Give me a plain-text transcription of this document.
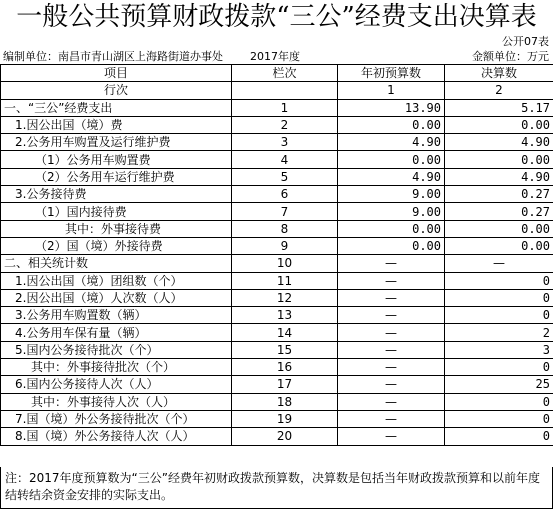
一般公共预算财政拨款“三公”经费支出决算表
公开07表
编制单位：南昌市青山湖区上海路街道办事处	2017年度	金额单位：万元
项目	栏次	年初预算数	决算数
行次		1	2
一、“三公”经费支出	1	13.90	5.17
1.因公出国（境）费	2	0.00	0.00
2.公务用车购置及运行维护费	3	4.90	4.90
（1）公务用车购置费	4	0.00	0.00
（2）公务用车运行维护费	5	4.90	4.90
3.公务接待费	6	9.00	0.27
（1）国内接待费	7	9.00	0.27
其中：外事接待费	8	0.00	0.00
（2）国（境）外接待费	9	0.00	0.00
二、相关统计数	10	—	—
1.因公出国（境）团组数（个）	11	—	0
2.因公出国（境）人次数（人）	12	—	0
3.公务用车购置数（辆）	13	—	0
4.公务用车保有量（辆）	14	—	2
5.国内公务接待批次（个）	15	—	3
其中：外事接待批次（个）	16	—	0
6.国内公务接待人次（人）	17	—	25
其中：外事接待人次（人）	18	—	0
7.国（境）外公务接待批次（个）	19	—	0
8.国（境）外公务接待人次（人）	20	—	0
注：2017年度预算数为“三公”经费年初财政拨款预算数，决算数是包括当年财政拨款预算和以前年度结转结余资金安排的实际支出。
